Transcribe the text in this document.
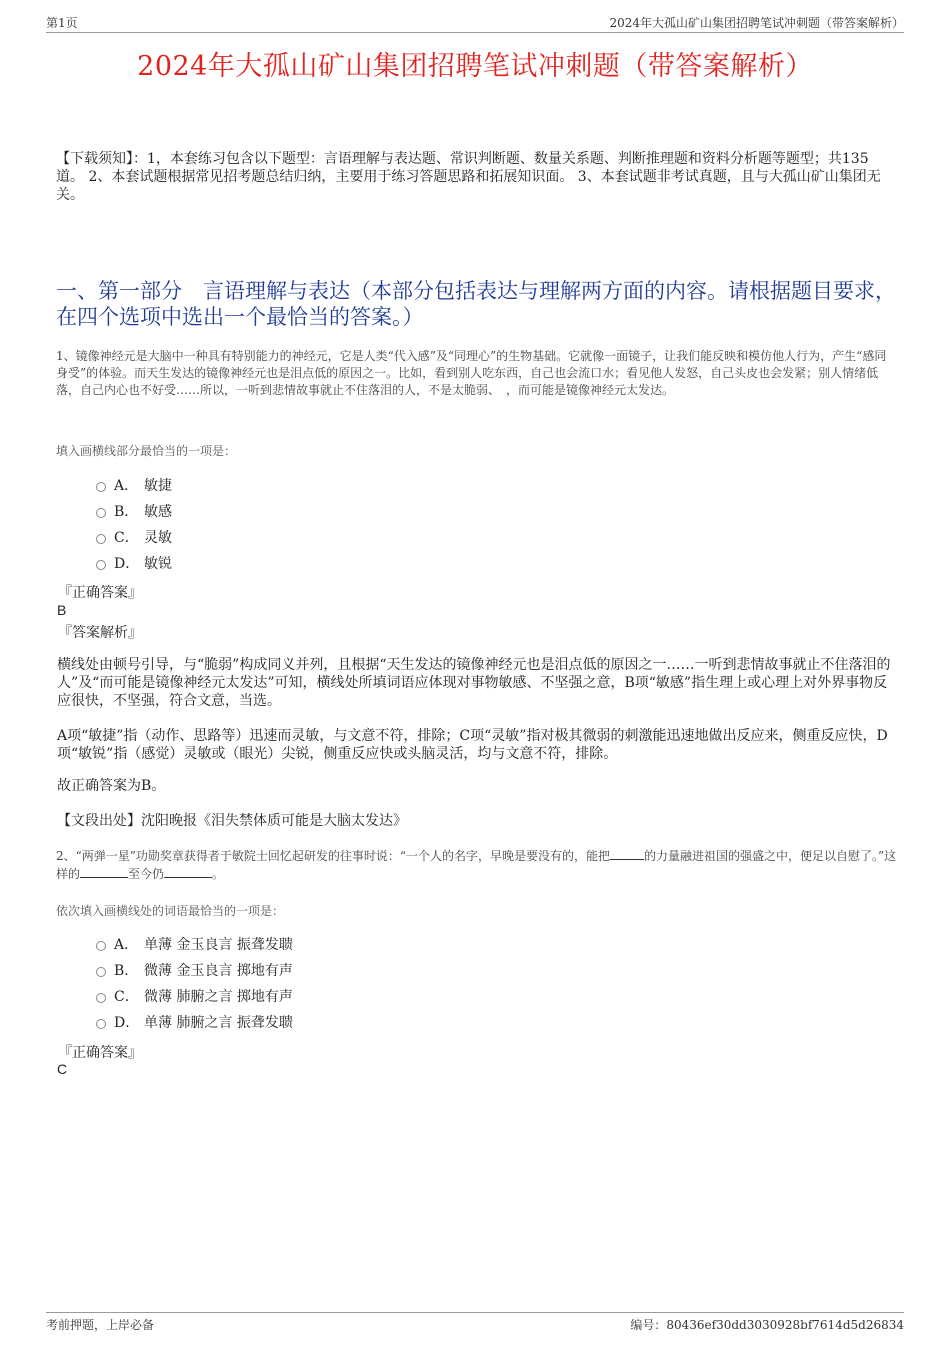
第1页	2024年大孤山矿山集团招聘笔试冲刺题（带答案解析）
2024年大孤山矿山集团招聘笔试冲刺题（带答案解析）
【下载须知】：1，本套练习包含以下题型：言语理解与表达题、常识判断题、数量关系题、判断推理题和资料分析题等题型；共135道。 2、本套试题根据常见招考题总结归纳，主要用于练习答题思路和拓展知识面。 3、本套试题非考试真题，且与大孤山矿山集团无关。
一、第一部分　言语理解与表达（本部分包括表达与理解两方面的内容。请根据题目要求，在四个选项中选出一个最恰当的答案。）
1、镜像神经元是大脑中一种具有特别能力的神经元，它是人类“代入感”及“同理心”的生物基础。它就像一面镜子，让我们能反映和模仿他人行为，产生“感同身受”的体验。而天生发达的镜像神经元也是泪点低的原因之一。比如，看到别人吃东西，自己也会流口水；看见他人发怒，自己头皮也会发紧；别人情绪低落，自己内心也不好受……所以，一听到悲情故事就止不住落泪的人，不是太脆弱、　，而可能是镜像神经元太发达。
填入画横线部分最恰当的一项是：
A． 敏捷
B． 敏感
C． 灵敏
D． 敏锐
『正确答案』
B
『答案解析』
横线处由顿号引导，与“脆弱”构成同义并列，且根据“天生发达的镜像神经元也是泪点低的原因之一……一听到悲情故事就止不住落泪的人”及“而可能是镜像神经元太发达”可知，横线处所填词语应体现对事物敏感、不坚强之意，B项“敏感”指生理上或心理上对外界事物反应很快，不坚强，符合文意，当选。
A项“敏捷”指（动作、思路等）迅速而灵敏，与文意不符，排除；C项“灵敏”指对极其微弱的刺激能迅速地做出反应来，侧重反应快，D项“敏锐”指（感觉）灵敏或（眼光）尖锐，侧重反应快或头脑灵活，均与文意不符，排除。
故正确答案为B。
【文段出处】沈阳晚报《泪失禁体质可能是大脑太发达》
2、“两弹一星”功勋奖章获得者于敏院士回忆起研发的往事时说：“一个人的名字，早晚是要没有的，能把	的力量融进祖国的强盛之中，便足以自慰了。”这样的	至今仍	。
依次填入画横线处的词语最恰当的一项是：
A． 单薄 金玉良言 振聋发聩
B． 微薄 金玉良言 掷地有声
C． 微薄 肺腑之言 掷地有声
D． 单薄 肺腑之言 振聋发聩
『正确答案』
C
考前押题，上岸必备	编号：80436ef30dd3030928bf7614d5d26834
